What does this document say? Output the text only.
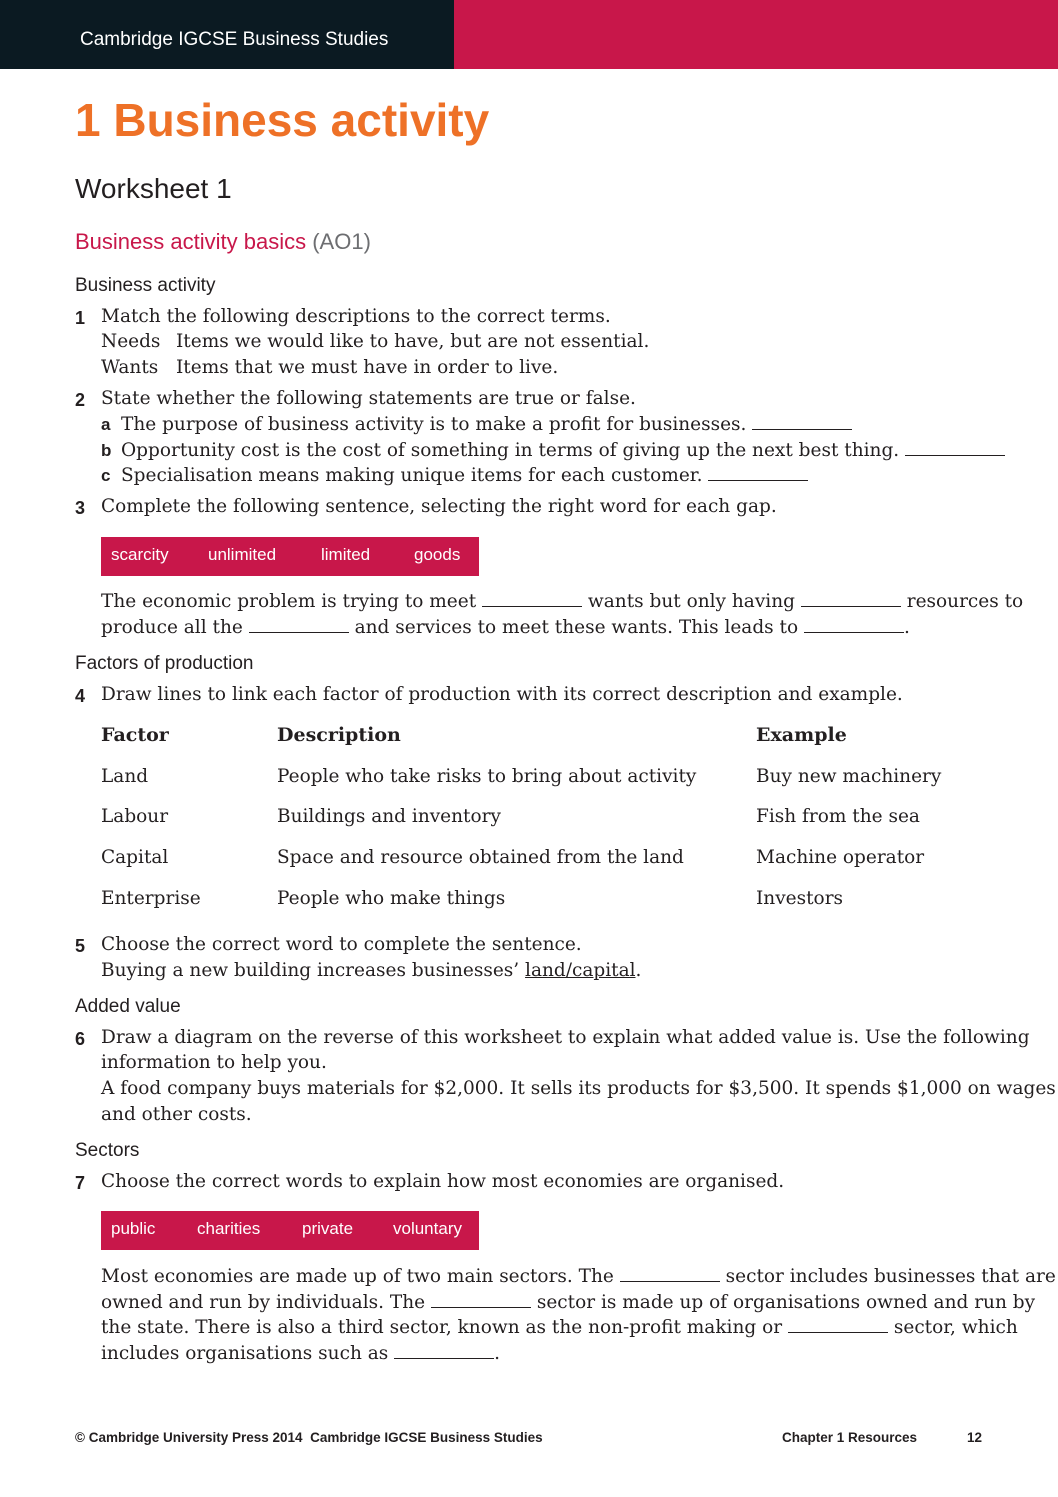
Cambridge IGCSE Business Studies
1 Business activity
Worksheet 1
Business activity basics (AO1)
Business activity
1 Match the following descriptions to the correct terms.
Needs Items we would like to have, but are not essential.
Wants Items that we must have in order to live.
2 State whether the following statements are true or false.
a The purpose of business activity is to make a profit for businesses.
b Opportunity cost is the cost of something in terms of giving up the next best thing.
c Specialisation means making unique items for each customer.
3 Complete the following sentence, selecting the right word for each gap.
scarcity unlimited	limited	goods
The economic problem is trying to meet	wants but only having	resources to
produce all the	and services to meet these wants. This leads to	.
Factors of production
4 Draw lines to link each factor of production with its correct description and example.
Factor	Description	Example
Land	People who take risks to bring about activity	Buy new machinery
Labour	Buildings and inventory	Fish from the sea
Capital	Space and resource obtained from the land	Machine operator
Enterprise	People who make things	Investors
5 Choose the correct word to complete the sentence.
Buying a new building increases businesses’ land/capital.
Added value
6 Draw a diagram on the reverse of this worksheet to explain what added value is. Use the following
information to help you.
A food company buys materials for $2,000. It sells its products for $3,500. It spends $1,000 on wages
and other costs.
Sectors
7 Choose the correct words to explain how most economies are organised.
public charities private voluntary
Most economies are made up of two main sectors. The	sector includes businesses that are
owned and run by individuals. The	sector is made up of organisations owned and run by
the state. There is also a third sector, known as the non-profit making or	sector, which
includes organisations such as	.
© Cambridge University Press 2014 Cambridge IGCSE Business Studies	Chapter 1 Resources	12
